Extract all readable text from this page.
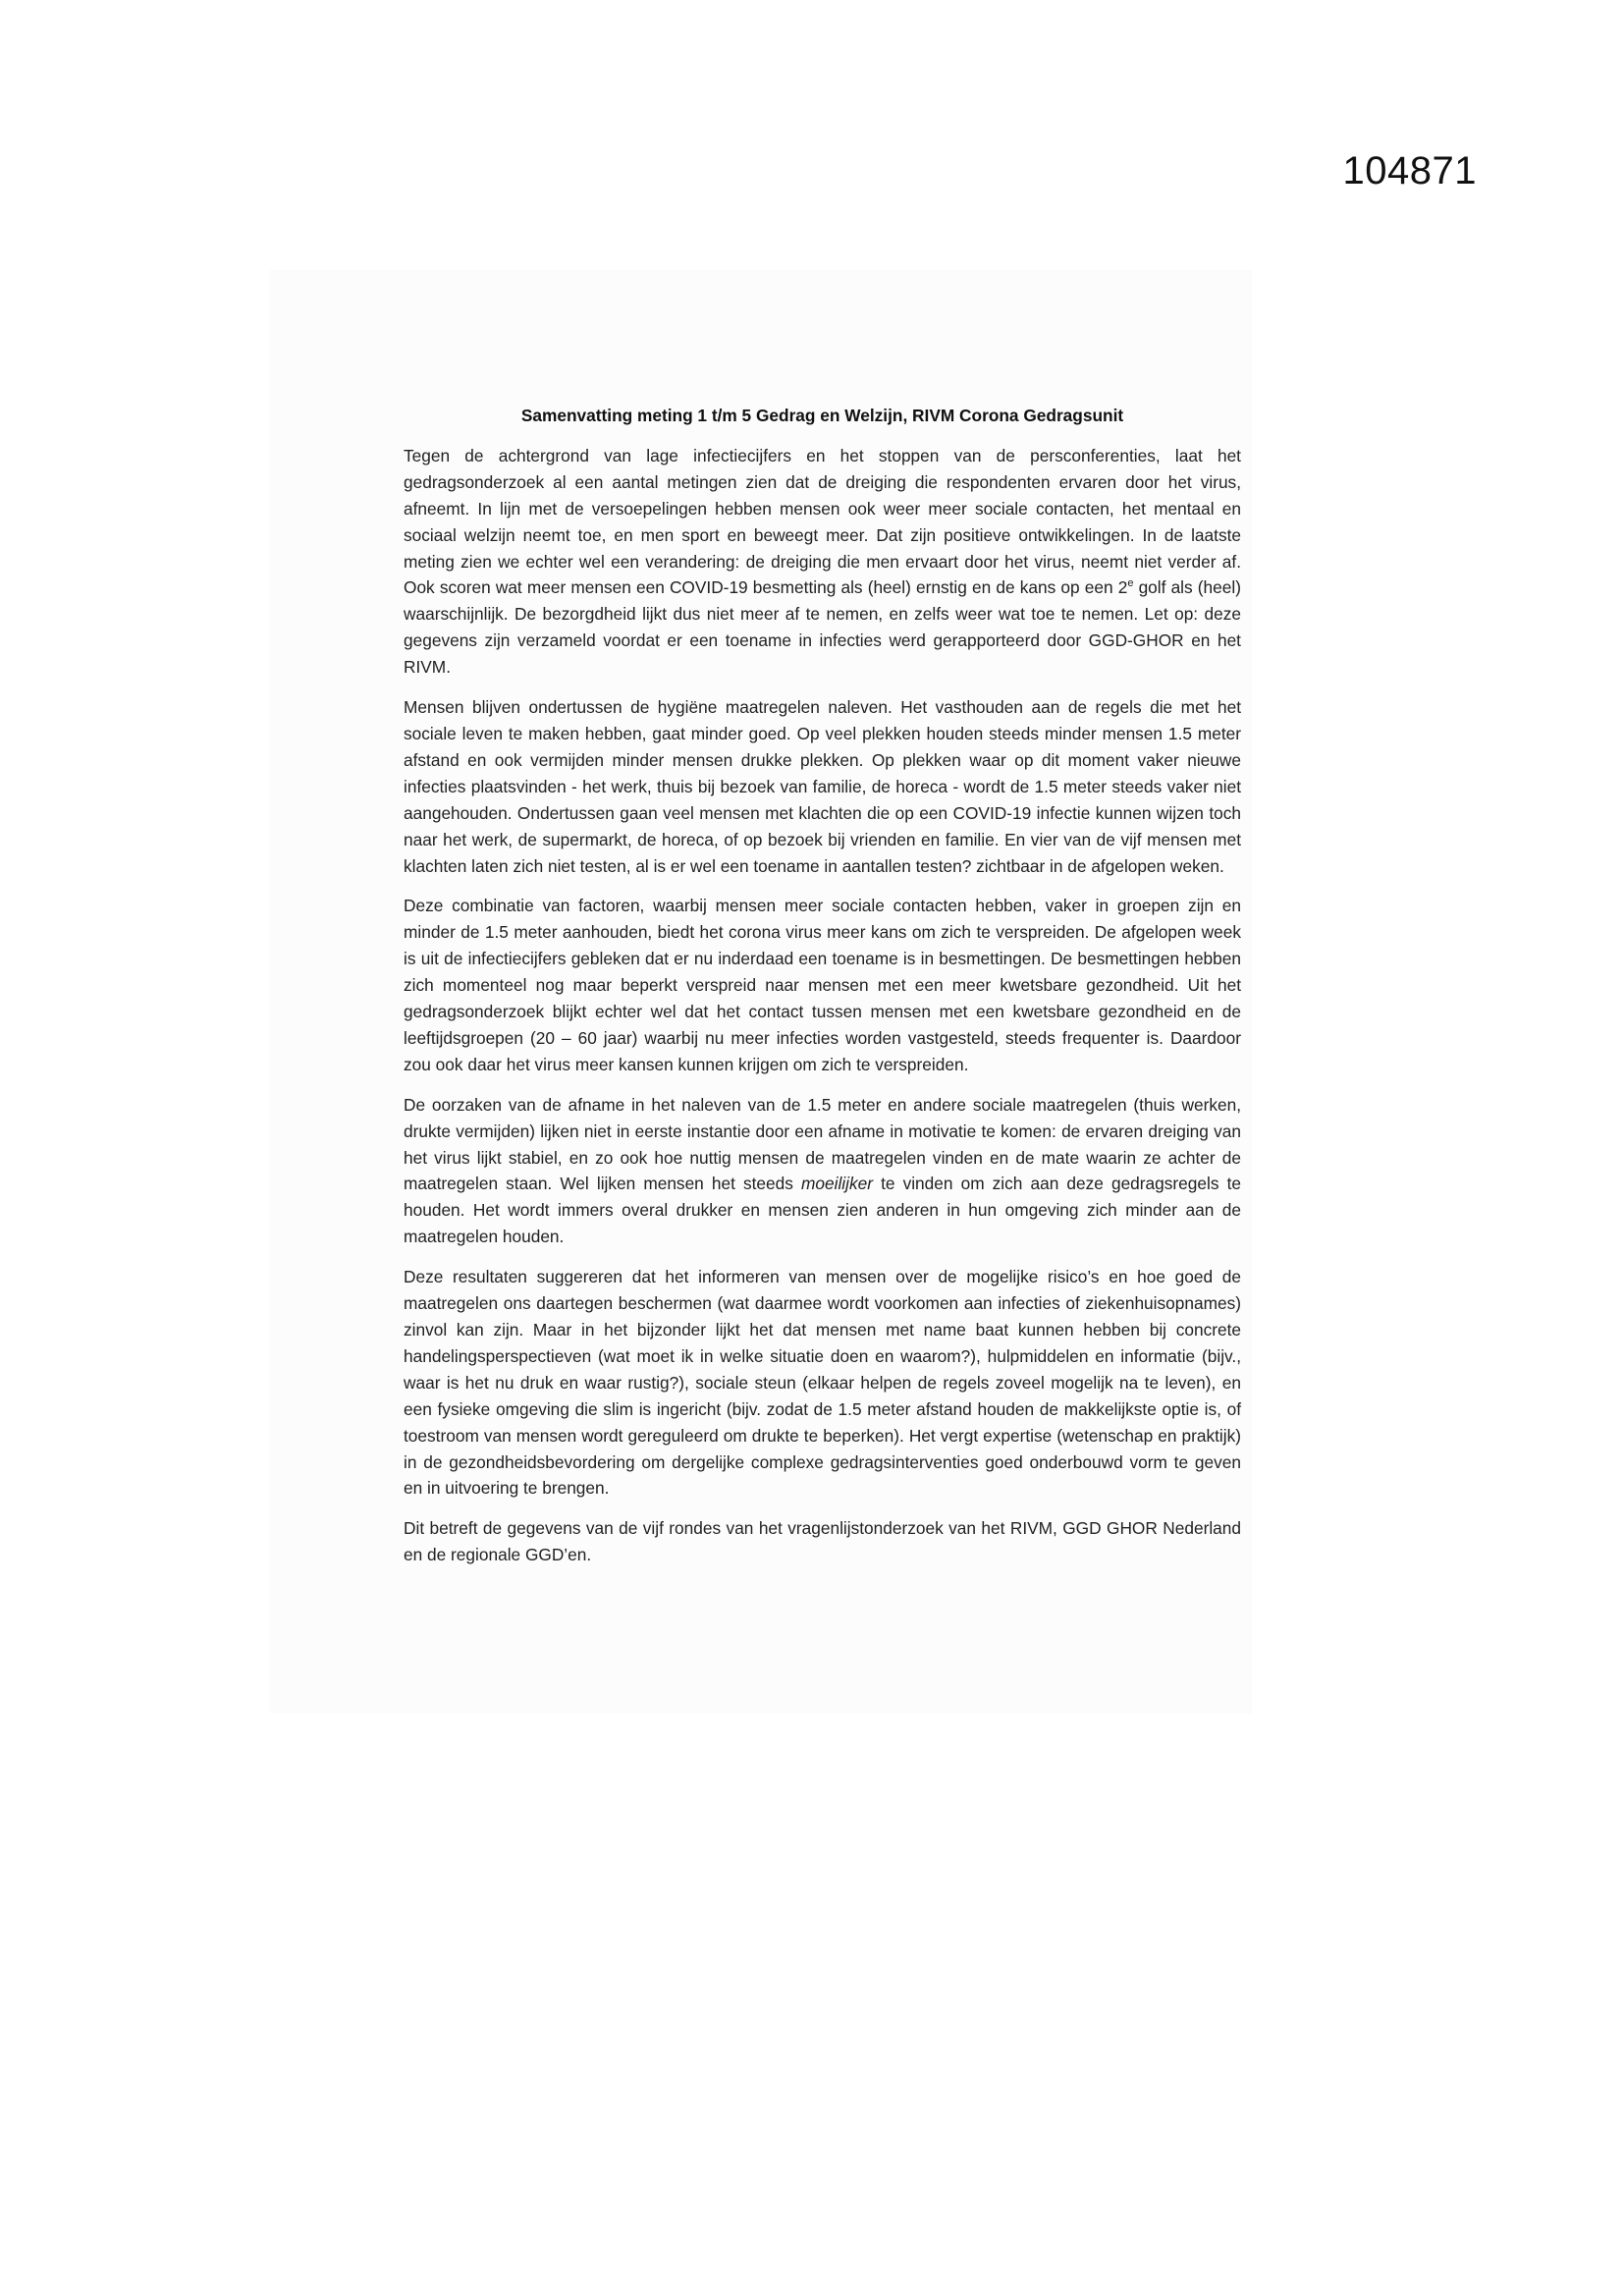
104871
Samenvatting meting 1 t/m 5 Gedrag en Welzijn, RIVM Corona Gedragsunit

Tegen de achtergrond van lage infectiecijfers en het stoppen van de persconferenties, laat het gedragsonderzoek al een aantal metingen zien dat de dreiging die respondenten ervaren door het virus, afneemt. In lijn met de versoepelingen hebben mensen ook weer meer sociale contacten, het mentaal en sociaal welzijn neemt toe, en men sport en beweegt meer. Dat zijn positieve ontwikkelingen. In de laatste meting zien we echter wel een verandering: de dreiging die men ervaart door het virus, neemt niet verder af. Ook scoren wat meer mensen een COVID-19 besmetting als (heel) ernstig en de kans op een 2e golf als (heel) waarschijnlijk. De bezorgdheid lijkt dus niet meer af te nemen, en zelfs weer wat toe te nemen. Let op: deze gegevens zijn verzameld voordat er een toename in infecties werd gerapporteerd door GGD-GHOR en het RIVM.

Mensen blijven ondertussen de hygiëne maatregelen naleven. Het vasthouden aan de regels die met het sociale leven te maken hebben, gaat minder goed. Op veel plekken houden steeds minder mensen 1.5 meter afstand en ook vermijden minder mensen drukke plekken. Op plekken waar op dit moment vaker nieuwe infecties plaatsvinden - het werk, thuis bij bezoek van familie, de horeca - wordt de 1.5 meter steeds vaker niet aangehouden. Ondertussen gaan veel mensen met klachten die op een COVID-19 infectie kunnen wijzen toch naar het werk, de supermarkt, de horeca, of op bezoek bij vrienden en familie. En vier van de vijf mensen met klachten laten zich niet testen, al is er wel een toename in aantallen testen? zichtbaar in de afgelopen weken.

Deze combinatie van factoren, waarbij mensen meer sociale contacten hebben, vaker in groepen zijn en minder de 1.5 meter aanhouden, biedt het corona virus meer kans om zich te verspreiden. De afgelopen week is uit de infectiecijfers gebleken dat er nu inderdaad een toename is in besmettingen. De besmettingen hebben zich momenteel nog maar beperkt verspreid naar mensen met een meer kwetsbare gezondheid. Uit het gedragsonderzoek blijkt echter wel dat het contact tussen mensen met een kwetsbare gezondheid en de leeftijdsgroepen (20 – 60 jaar) waarbij nu meer infecties worden vastgesteld, steeds frequenter is. Daardoor zou ook daar het virus meer kansen kunnen krijgen om zich te verspreiden.

De oorzaken van de afname in het naleven van de 1.5 meter en andere sociale maatregelen (thuis werken, drukte vermijden) lijken niet in eerste instantie door een afname in motivatie te komen: de ervaren dreiging van het virus lijkt stabiel, en zo ook hoe nuttig mensen de maatregelen vinden en de mate waarin ze achter de maatregelen staan. Wel lijken mensen het steeds moeilijker te vinden om zich aan deze gedragsregels te houden. Het wordt immers overal drukker en mensen zien anderen in hun omgeving zich minder aan de maatregelen houden.

Deze resultaten suggereren dat het informeren van mensen over de mogelijke risico’s en hoe goed de maatregelen ons daartegen beschermen (wat daarmee wordt voorkomen aan infecties of ziekenhuisopnames) zinvol kan zijn. Maar in het bijzonder lijkt het dat mensen met name baat kunnen hebben bij concrete handelingsperspectieven (wat moet ik in welke situatie doen en waarom?), hulpmiddelen en informatie (bijv., waar is het nu druk en waar rustig?), sociale steun (elkaar helpen de regels zoveel mogelijk na te leven), en een fysieke omgeving die slim is ingericht (bijv. zodat de 1.5 meter afstand houden de makkelijkste optie is, of toestroom van mensen wordt gereguleerd om drukte te beperken). Het vergt expertise (wetenschap en praktijk) in de gezondheidsbevordering om dergelijke complexe gedragsinterventies goed onderbouwd vorm te geven en in uitvoering te brengen.

Dit betreft de gegevens van de vijf rondes van het vragenlijstonderzoek van het RIVM, GGD GHOR Nederland en de regionale GGD’en.
